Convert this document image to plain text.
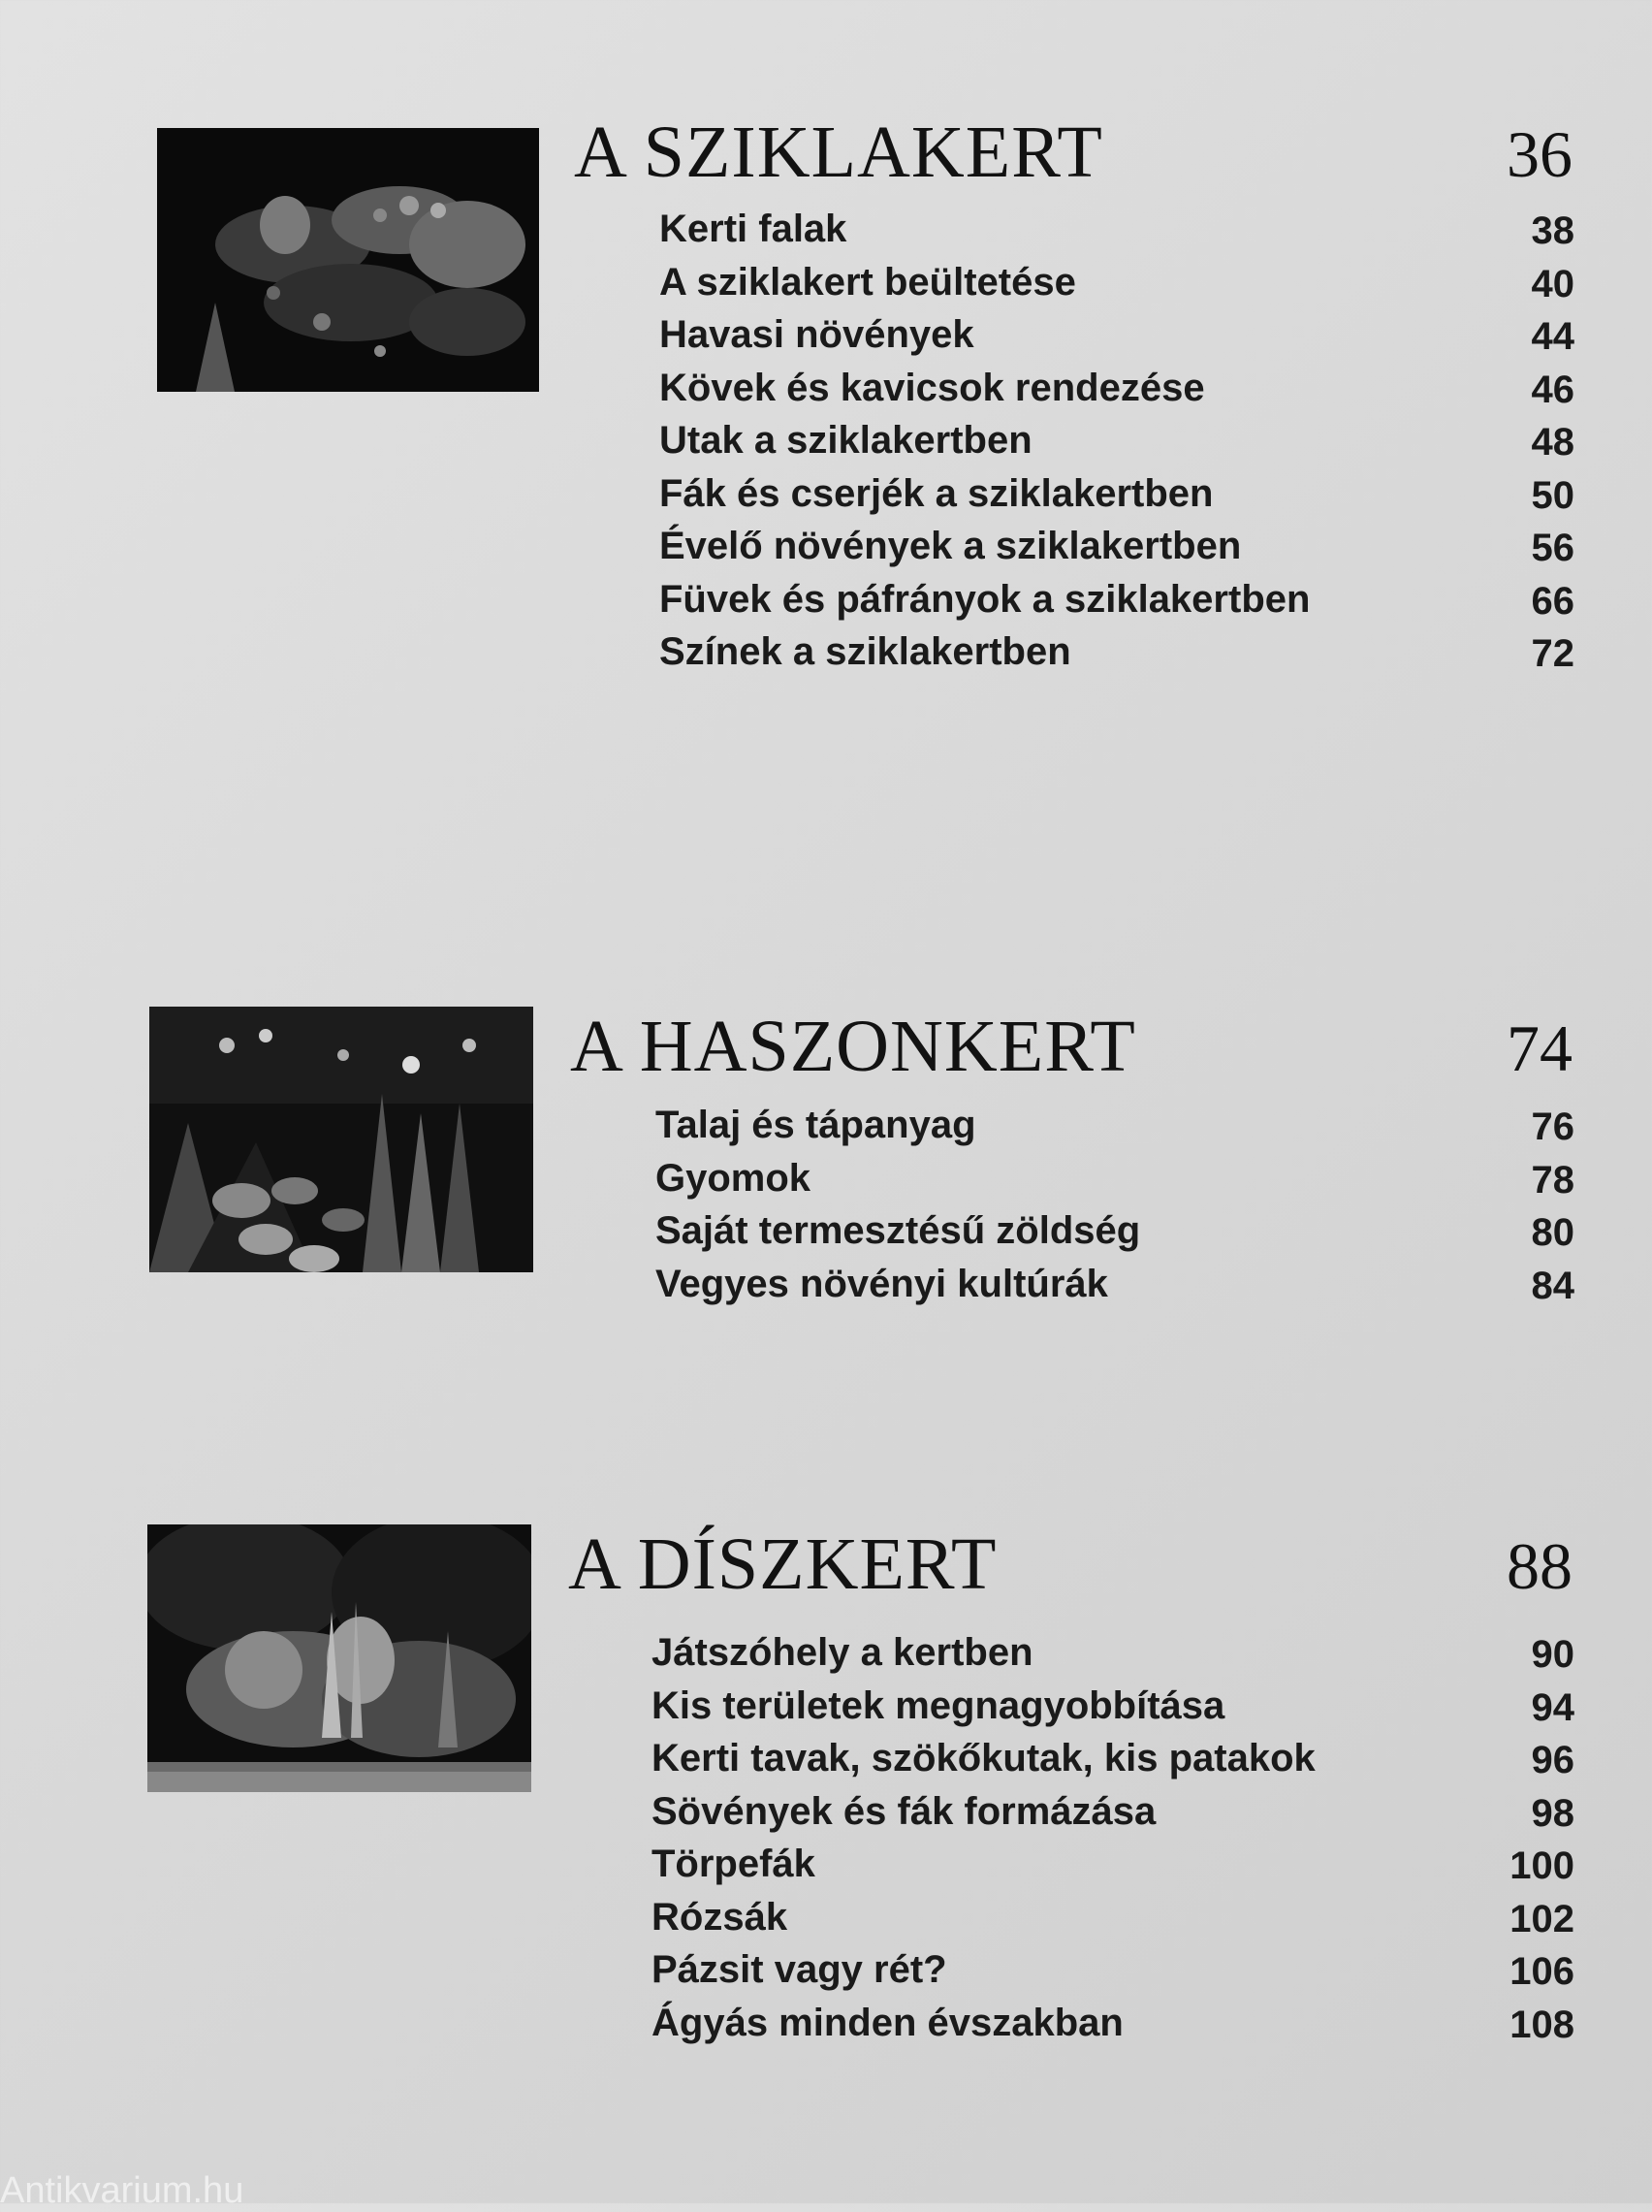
A SZIKLAKERT	36
Kerti falak	38
A sziklakert beültetése	40
Havasi növények	44
Kövek és kavicsok rendezése	46
Utak a sziklakertben	48
Fák és cserjék a sziklakertben	50
Évelő növények a sziklakertben	56
Füvek és páfrányok a sziklakertben	66
Színek a sziklakertben	72
A HASZONKERT	74
Talaj és tápanyag	76
Gyomok	78
Saját termesztésű zöldség	80
Vegyes növényi kultúrák	84
A DÍSZKERT	88
Játszóhely a kertben	90
Kis területek megnagyobbítása	94
Kerti tavak, szökőkutak, kis patakok	96
Sövények és fák formázása	98
Törpefák	100
Rózsák	102
Pázsit vagy rét?	106
Ágyás minden évszakban	108
Antikvarium.hu
